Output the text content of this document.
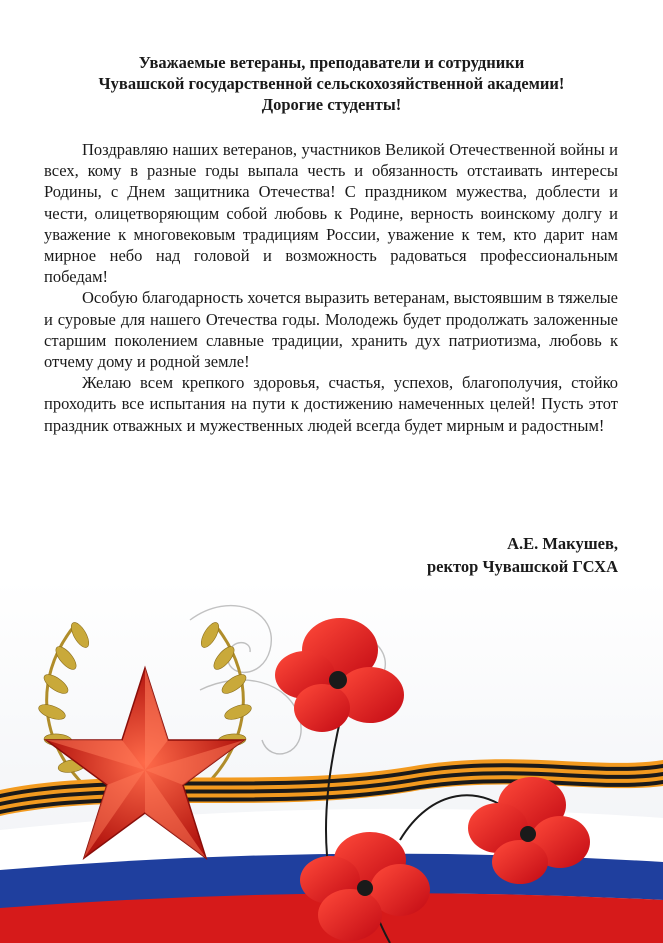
Уважаемые ветераны, преподаватели и сотрудники
Чувашской государственной сельскохозяйственной академии!
Дорогие студенты!

Поздравляю наших ветеранов, участников Великой Отечественной войны и всех, кому в разные годы выпала честь и обязанность отстаивать интересы Родины, с Днем защитника Отечества! С праздником мужества, доблести и чести, олицетворяющим собой любовь к Родине, верность воинскому долгу и уважение к многовековым традициям России, уважение к тем, кто дарит нам мирное небо над головой и возможность радоваться профессиональным победам!

Особую благодарность хочется выразить ветеранам, выстоявшим в тяжелые и суровые для нашего Отечества годы. Молодежь будет продолжать заложенные старшим поколением славные традиции, хранить дух патриотизма, любовь к отчему дому и родной земле!

Желаю всем крепкого здоровья, счастья, успехов, благополучия, стойко проходить все испытания на пути к достижению намеченных целей! Пусть этот праздник отважных и мужественных людей всегда будет мирным и радостным!

А.Е. Макушев,
ректор Чувашской ГСХА
